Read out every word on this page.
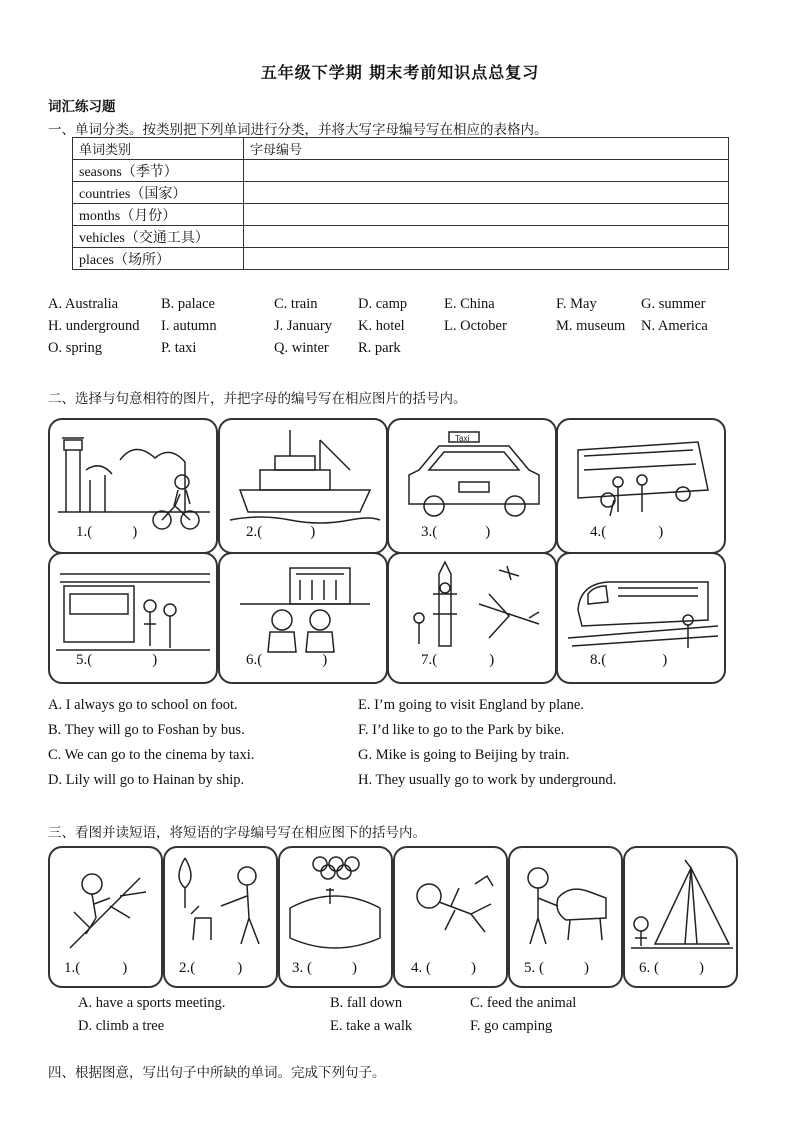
五年级下学期 期末考前知识点总复习
词汇练习题
一、单词分类。按类别把下列单词进行分类，并将大写字母编号写在相应的表格内。
单词类别	字母编号
seasons（季节）	
countries（国家）	
months（月份）	
vehicles（交通工具）	
places（场所）	
A. Australia	B. palace	C. train	D. camp	E. China	F. May	G. summer
H. underground I. autumn	J. January K. hotel	L. October	M. museum N. America
O. spring	P. taxi	Q. winter R. park
二、选择与句意相符的图片，并把字母的编号写在相应图片的括号内。
1.(	)	2.(	)
Taxi
3.(	)	4.(	)
5.(	)	6.(	)	7.(	)	8.(	)
A. I always go to school on foot.
B. They will go to Foshan by bus.
C. We can go to the cinema by taxi.
D. Lily will go to Hainan by ship.
E. I’m going to visit England by plane.
F. I’d like to go to the Park by bike.
G. Mike is going to Beijing by train.
H. They usually go to work by underground.
三、看图并读短语，将短语的字母编号写在相应图下的括号内。
1.(	)	2.(	)	3. (	)	4. (	)	5. (	)	6. (	)
A. have a sports meeting.
D. climb a tree
B. fall down
E. take a walk
C. feed the animal
F. go camping
四、根据图意，写出句子中所缺的单词。完成下列句子。
